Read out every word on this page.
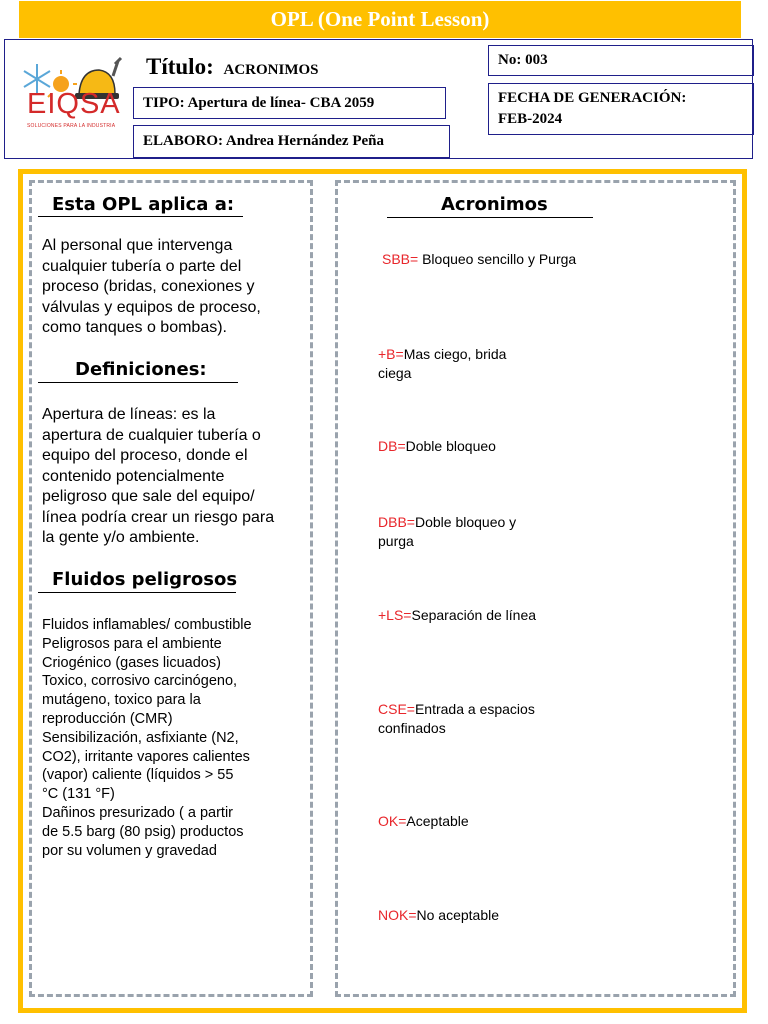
OPL (One Point Lesson)
EIQSA
SOLUCIONES PARA LA INDUSTRIA
Título: ACRONIMOS
TIPO: Apertura de línea- CBA 2059
ELABORO: Andrea Hernández Peña
No: 003
FECHA DE GENERACIÓN:
FEB-2024
Esta OPL aplica a:
Al personal que intervenga cualquier tubería o parte del proceso (bridas, conexiones y válvulas y equipos de proceso, como tanques o bombas).
Definiciones:
Apertura de líneas: es la apertura de cualquier tubería o equipo del proceso, donde el contenido potencialmente peligroso que sale del equipo/ línea podría crear un riesgo para la gente y/o ambiente.
Fluidos peligrosos
Fluidos inflamables/ combustible
Peligrosos para el ambiente
Criogénico (gases licuados)
Toxico, corrosivo carcinógeno,
mutágeno, toxico para la
reproducción (CMR)
Sensibilización, asfixiante (N2,
CO2), irritante vapores calientes
(vapor) caliente (líquidos > 55
°C (131 °F)
Dañinos presurizado ( a partir
de 5.5 barg (80 psig) productos
por su volumen y gravedad
Acronimos
SBB= Bloqueo sencillo y Purga
+B=Mas ciego, brida ciega
DB=Doble bloqueo
DBB=Doble bloqueo y purga
+LS=Separación de línea
CSE=Entrada a espacios confinados
OK=Aceptable
NOK=No aceptable
